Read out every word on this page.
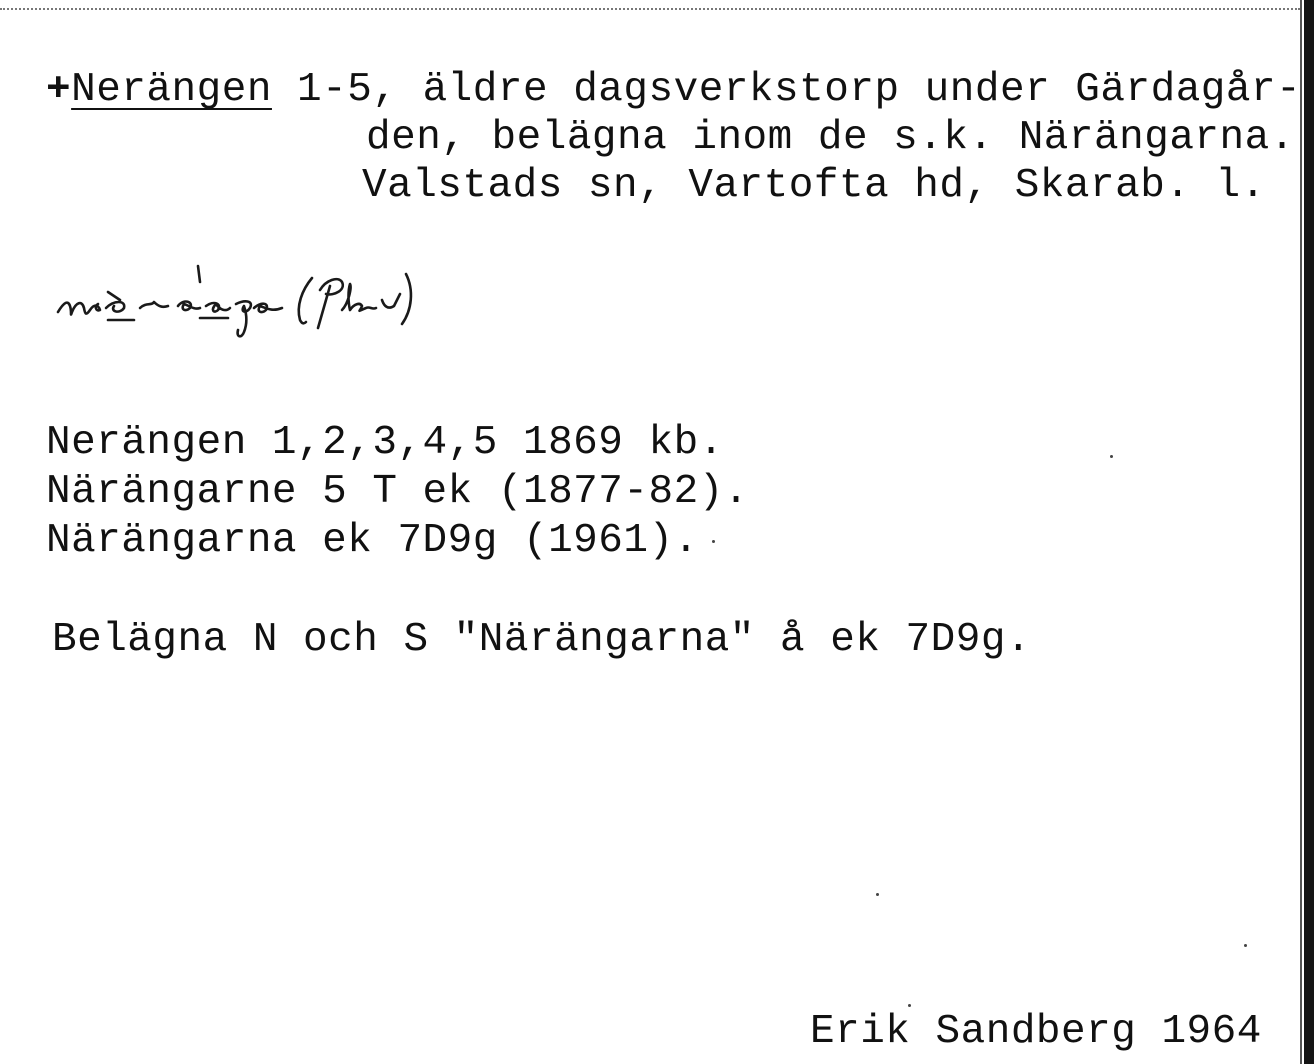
+Nerängen 1-5, äldre dagsverkstorp under Gärdagår-
den, belägna inom de s.k. Närängarna.
Valstads sn, Vartofta hd, Skarab. l.
Nerängen 1,2,3,4,5 1869 kb.
Närängarne 5 T ek (1877-82).
Närängarna ek 7D9g (1961).
Belägna N och S "Närängarna" å ek 7D9g.
Erik Sandberg 1964
